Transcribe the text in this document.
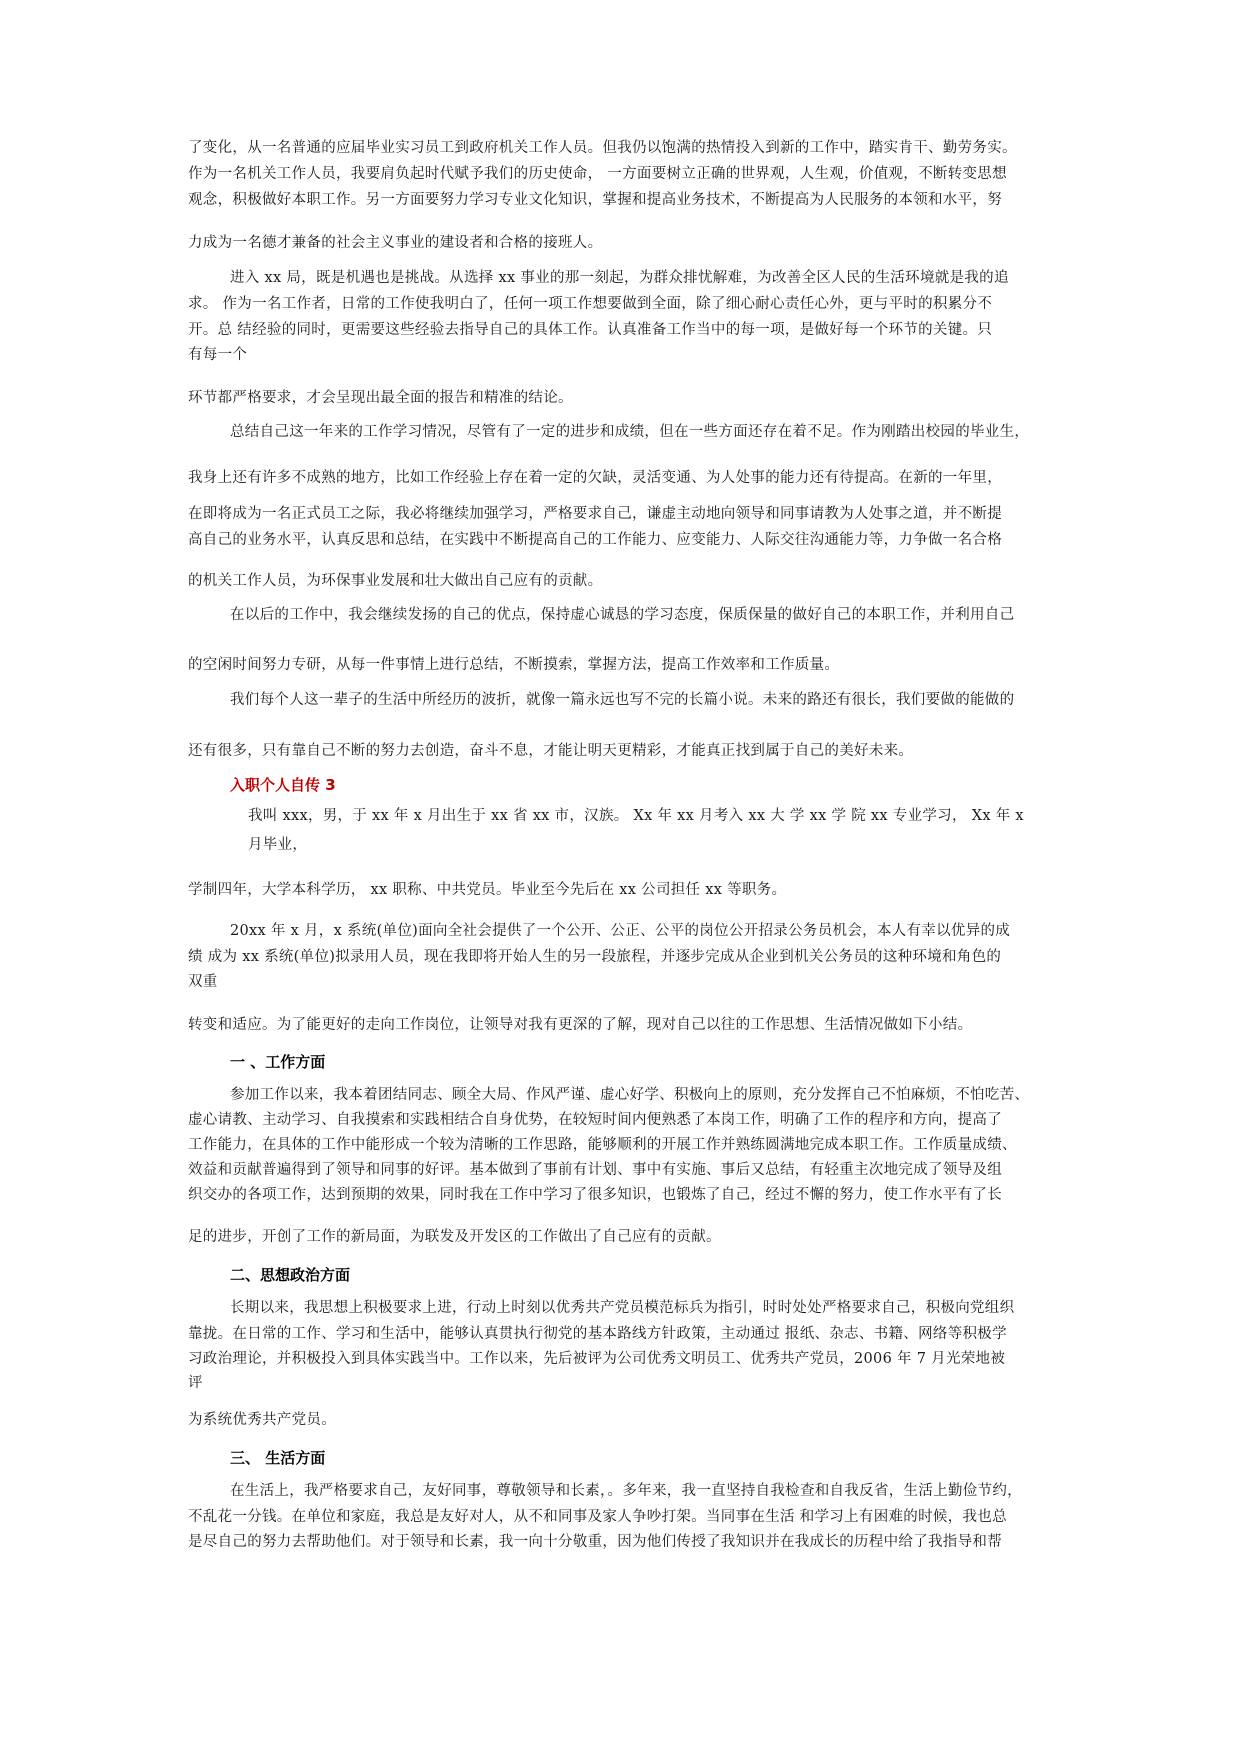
了变化，从一名普通的应届毕业实习员工到政府机关工作人员。但我仍以饱满的热情投入到新的工作中，踏实肯干、勤劳务实。
作为一名机关工作人员，我要肩负起时代赋予我们的历史使命， 一方面要树立正确的世界观，人生观，价值观，不断转变思想
观念，积极做好本职工作。另一方面要努力学习专业文化知识，掌握和提高业务技术，不断提高为人民服务的本领和水平，努
力成为一名德才兼备的社会主义事业的建设者和合格的接班人。
进入 xx 局，既是机遇也是挑战。从选择 xx 事业的那一刻起，为群众排忧解难，为改善全区人民的生活环境就是我的追
求。 作为一名工作者，日常的工作使我明白了，任何一项工作想要做到全面，除了细心耐心责任心外，更与平时的积累分不
开。总 结经验的同时，更需要这些经验去指导自己的具体工作。认真准备工作当中的每一项，是做好每一个环节的关键。只
有每一个
环节都严格要求，才会呈现出最全面的报告和精准的结论。
总结自己这一年来的工作学习情况，尽管有了一定的进步和成绩，但在一些方面还存在着不足。作为刚踏出校园的毕业生，
我身上还有许多不成熟的地方，比如工作经验上存在着一定的欠缺，灵活变通、为人处事的能力还有待提高。在新的一年里，
在即将成为一名正式员工之际，我必将继续加强学习，严格要求自己，谦虚主动地向领导和同事请教为人处事之道，并不断提
高自己的业务水平，认真反思和总结，在实践中不断提高自己的工作能力、应变能力、人际交往沟通能力等，力争做一名合格
的机关工作人员，为环保事业发展和壮大做出自己应有的贡献。
在以后的工作中，我会继续发扬的自己的优点，保持虚心诚恳的学习态度，保质保量的做好自己的本职工作，并利用自己
的空闲时间努力专研，从每一件事情上进行总结，不断摸索，掌握方法，提高工作效率和工作质量。
我们每个人这一辈子的生活中所经历的波折，就像一篇永远也写不完的长篇小说。未来的路还有很长，我们要做的能做的
还有很多，只有靠自己不断的努力去创造，奋斗不息，才能让明天更精彩，才能真正找到属于自己的美好未来。
入职个人自传 3
我叫 xxx，男，于 xx 年 x 月出生于 xx 省 xx 市，汉族。 Xx 年 xx 月考入 xx 大 学 xx 学 院 xx 专业学习， Xx 年 x
月毕业，
学制四年，大学本科学历， xx 职称、中共党员。毕业至今先后在 xx 公司担任 xx 等职务。
20xx 年 x 月，x 系统(单位)面向全社会提供了一个公开、公正、公平的岗位公开招录公务员机会，本人有幸以优异的成
绩 成为 xx 系统(单位)拟录用人员，现在我即将开始人生的另一段旅程，并逐步完成从企业到机关公务员的这种环境和角色的
双重
转变和适应。为了能更好的走向工作岗位，让领导对我有更深的了解，现对自己以往的工作思想、生活情况做如下小结。
一 、工作方面
参加工作以来，我本着团结同志、顾全大局、作风严谨、虚心好学、积极向上的原则，充分发挥自己不怕麻烦，不怕吃苦、
虚心请教、主动学习、自我摸索和实践相结合自身优势，在较短时间内便熟悉了本岗工作，明确了工作的程序和方向，提高了
工作能力，在具体的工作中能形成一个较为清晰的工作思路，能够顺利的开展工作并熟练圆满地完成本职工作。工作质量成绩、
效益和贡献普遍得到了领导和同事的好评。基本做到了事前有计划、事中有实施、事后又总结，有轻重主次地完成了领导及组
织交办的各项工作，达到预期的效果，同时我在工作中学习了很多知识，也锻炼了自己，经过不懈的努力，使工作水平有了长
足的进步，开创了工作的新局面，为联发及开发区的工作做出了自己应有的贡献。
二、思想政治方面
长期以来，我思想上积极要求上进，行动上时刻以优秀共产党员模范标兵为指引，时时处处严格要求自己，积极向党组织
靠拢。在日常的工作、学习和生活中，能够认真贯执行彻党的基本路线方针政策，主动通过 报纸、杂志、书籍、网络等积极学
习政治理论，并积极投入到具体实践当中。工作以来，先后被评为公司优秀文明员工、优秀共产党员，2006 年 7 月光荣地被
评
为系统优秀共产党员。
三、 生活方面
在生活上，我严格要求自己，友好同事，尊敬领导和长素，。多年来，我一直坚持自我检查和自我反省，生活上勤俭节约，
不乱花一分钱。在单位和家庭，我总是友好对人，从不和同事及家人争吵打架。当同事在生活 和学习上有困难的时候，我也总
是尽自己的努力去帮助他们。对于领导和长素，我一向十分敬重，因为他们传授了我知识并在我成长的历程中给了我指导和帮
